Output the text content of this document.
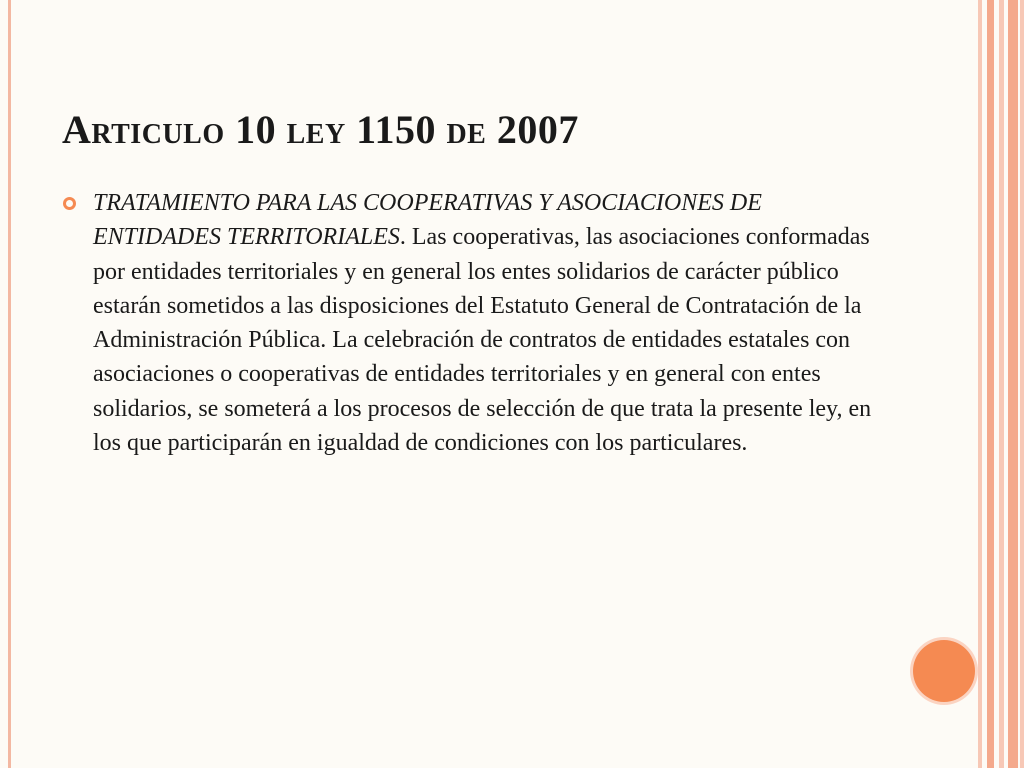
Articulo 10 ley 1150 de 2007
TRATAMIENTO PARA LAS COOPERATIVAS Y ASOCIACIONES DE ENTIDADES TERRITORIALES. Las cooperativas, las asociaciones conformadas por entidades territoriales y en general los entes solidarios de carácter público estarán sometidos a las disposiciones del Estatuto General de Contratación de la Administración Pública. La celebración de contratos de entidades estatales con asociaciones o cooperativas de entidades territoriales y en general con entes solidarios, se someterá a los procesos de selección de que trata la presente ley, en los que participarán en igualdad de condiciones con los particulares.
